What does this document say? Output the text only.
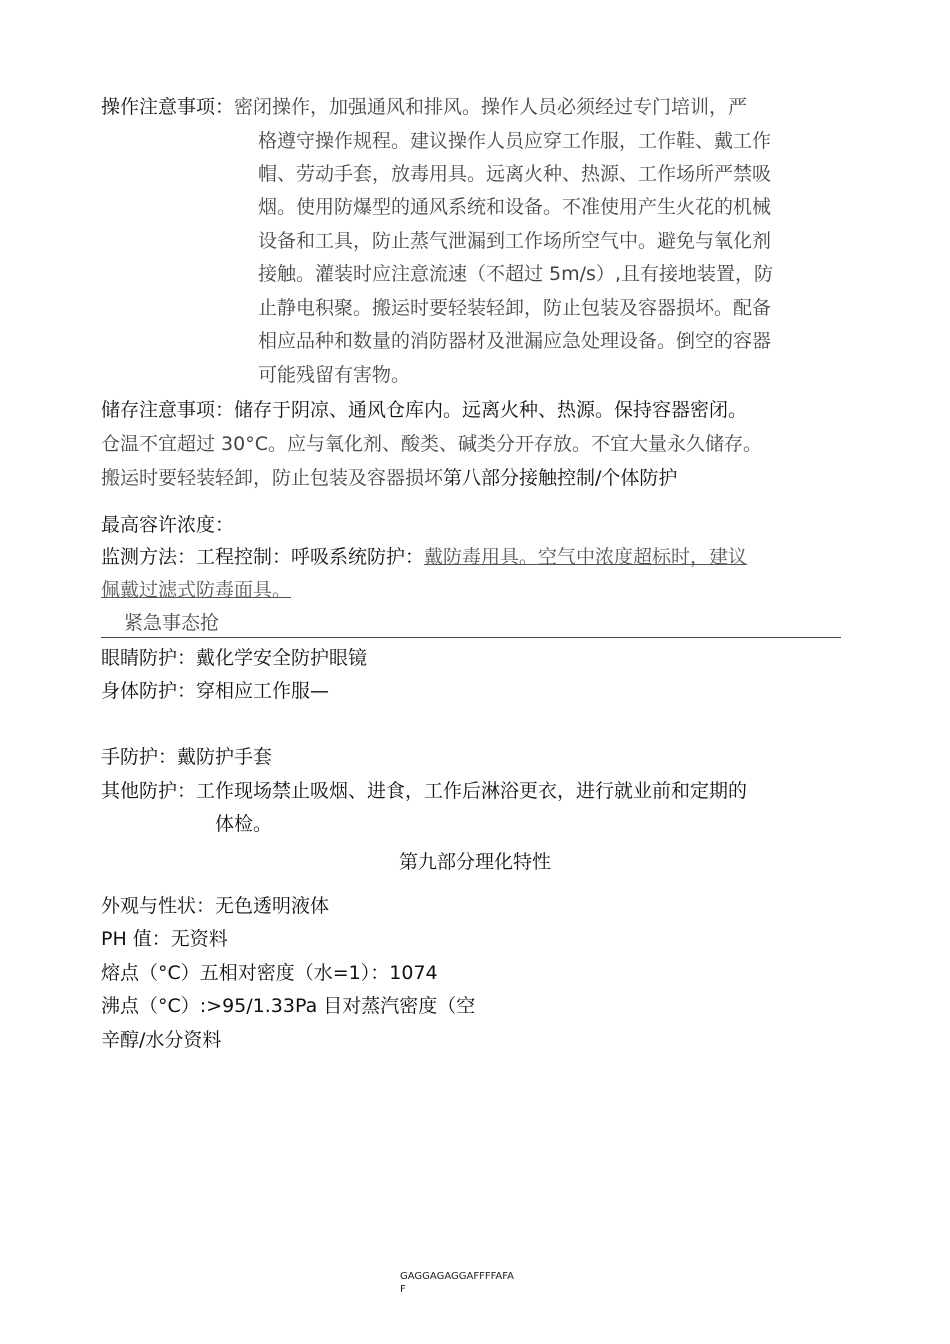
操作注意事项：密闭操作，加强通风和排风。操作人员必须经过专门培训，严
格遵守操作规程。建议操作人员应穿工作服，工作鞋、戴工作
帽、劳动手套，放毒用具。远离火种、热源、工作场所严禁吸
烟。使用防爆型的通风系统和设备。不准使用产生火花的机械
设备和工具，防止蒸气泄漏到工作场所空气中。避免与氧化剂
接触。灌装时应注意流速（不超过 5m/s）,且有接地装置，防
止静电积聚。搬运时要轻装轻卸，防止包装及容器损坏。配备
相应品种和数量的消防器材及泄漏应急处理设备。倒空的容器
可能残留有害物。
储存注意事项：储存于阴凉、通风仓库内。远离火种、热源。保持容器密闭。
仓温不宜超过 30°C。应与氧化剂、酸类、碱类分开存放。不宜大量永久储存。
搬运时要轻装轻卸，防止包装及容器损坏第八部分接触控制/个体防护
最高容许浓度：
监测方法：工程控制：呼吸系统防护：戴防毒用具。空气中浓度超标时，建议
佩戴过滤式防毒面具。
紧急事态抢
眼睛防护：戴化学安全防护眼镜
身体防护：穿相应工作服—
手防护：戴防护手套
其他防护：工作现场禁止吸烟、进食，工作后淋浴更衣，进行就业前和定期的
体检。
第九部分理化特性
外观与性状：无色透明液体
PH 值：无资料
熔点（°C）五相对密度（水=1）：1074
沸点（°C）:>95/1.33Pa 目对蒸汽密度（空
辛醇/水分资料
GAGGAGAGGAFFFFAFA
F
